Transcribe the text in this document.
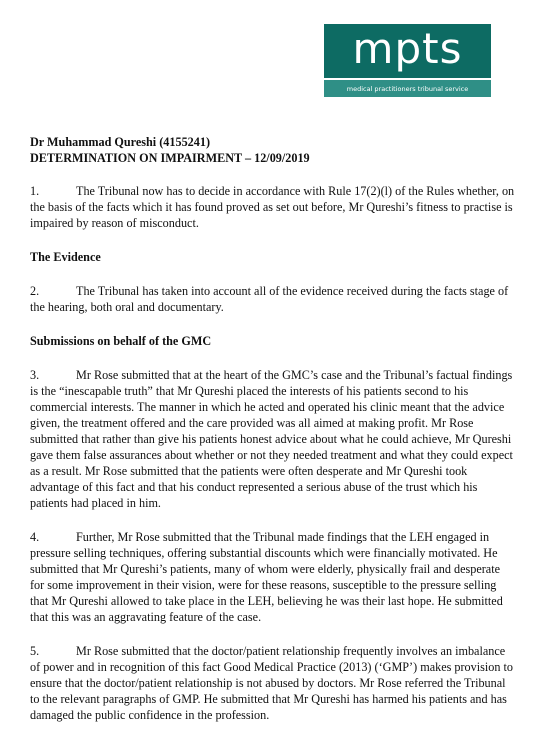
mpts
medical practitioners tribunal service

Dr Muhammad Qureshi (4155241)

DETERMINATION ON IMPAIRMENT – 12/09/2019

1.	The Tribunal now has to decide in accordance with Rule 17(2)(l) of the Rules whether, on the basis of the facts which it has found proved as set out before, Mr Qureshi’s fitness to practise is impaired by reason of misconduct.

The Evidence

2.	The Tribunal has taken into account all of the evidence received during the facts stage of the hearing, both oral and documentary.

Submissions on behalf of the GMC

3.	Mr Rose submitted that at the heart of the GMC’s case and the Tribunal’s factual findings is the “inescapable truth” that Mr Qureshi placed the interests of his patients second to his commercial interests. The manner in which he acted and operated his clinic meant that the advice given, the treatment offered and the care provided was all aimed at making profit. Mr Rose submitted that rather than give his patients honest advice about what he could achieve, Mr Qureshi gave them false assurances about whether or not they needed treatment and what they could expect as a result. Mr Rose submitted that the patients were often desperate and Mr Qureshi took advantage of this fact and that his conduct represented a serious abuse of the trust which his patients had placed in him.

4.	Further, Mr Rose submitted that the Tribunal made findings that the LEH engaged in pressure selling techniques, offering substantial discounts which were financially motivated. He submitted that Mr Qureshi’s patients, many of whom were elderly, physically frail and desperate for some improvement in their vision, were for these reasons, susceptible to the pressure selling that Mr Qureshi allowed to take place in the LEH, believing he was their last hope. He submitted that this was an aggravating feature of the case.

5.	Mr Rose submitted that the doctor/patient relationship frequently involves an imbalance of power and in recognition of this fact Good Medical Practice (2013) (‘GMP’) makes provision to ensure that the doctor/patient relationship is not abused by doctors. Mr Rose referred the Tribunal to the relevant paragraphs of GMP. He submitted that Mr Qureshi has harmed his patients and has damaged the public confidence in the profession.
